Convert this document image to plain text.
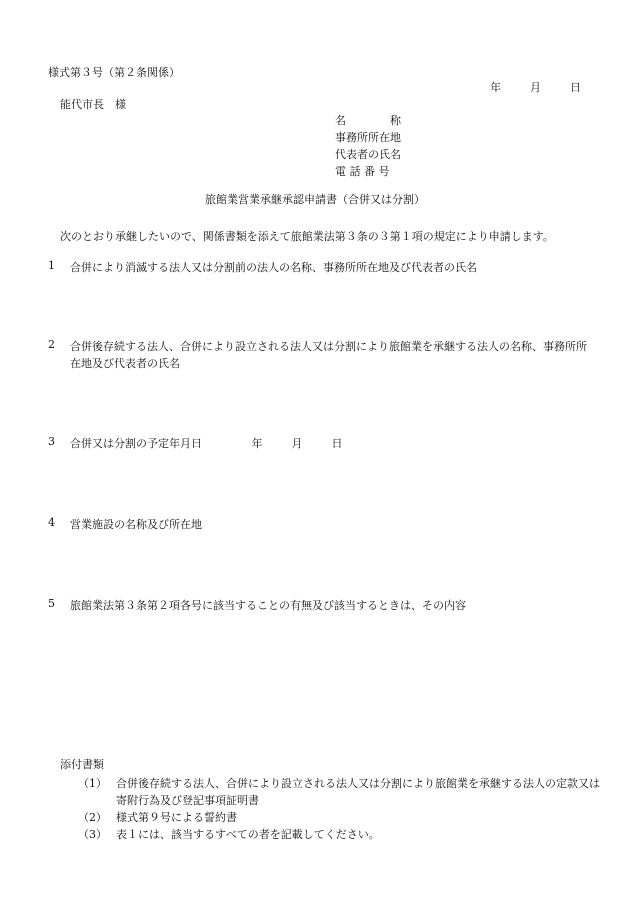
様式第３号（第２条関係）
年	月	日
能代市長　様
名　　　　称
事務所所在地
代表者の氏名
電 話 番 号
旅館業営業承継承認申請書（合併又は分割）
次のとおり承継したいので、関係書類を添えて旅館業法第３条の３第１項の規定により申請します。
1	合併により消滅する法人又は分割前の法人の名称、事務所所在地及び代表者の氏名
2	合併後存続する法人、合併により設立される法人又は分割により旅館業を承継する法人の名称、事務所所在地及び代表者の氏名
3	合併又は分割の予定年月日	年	月	日
4	営業施設の名称及び所在地
5	旅館業法第３条第２項各号に該当することの有無及び該当するときは、その内容
添付書類
（1） 合併後存続する法人、合併により設立される法人又は分割により旅館業を承継する法人の定款又は寄附行為及び登記事項証明書
（2） 様式第９号による誓約書
（3） 表１には、該当するすべての者を記載してください。
